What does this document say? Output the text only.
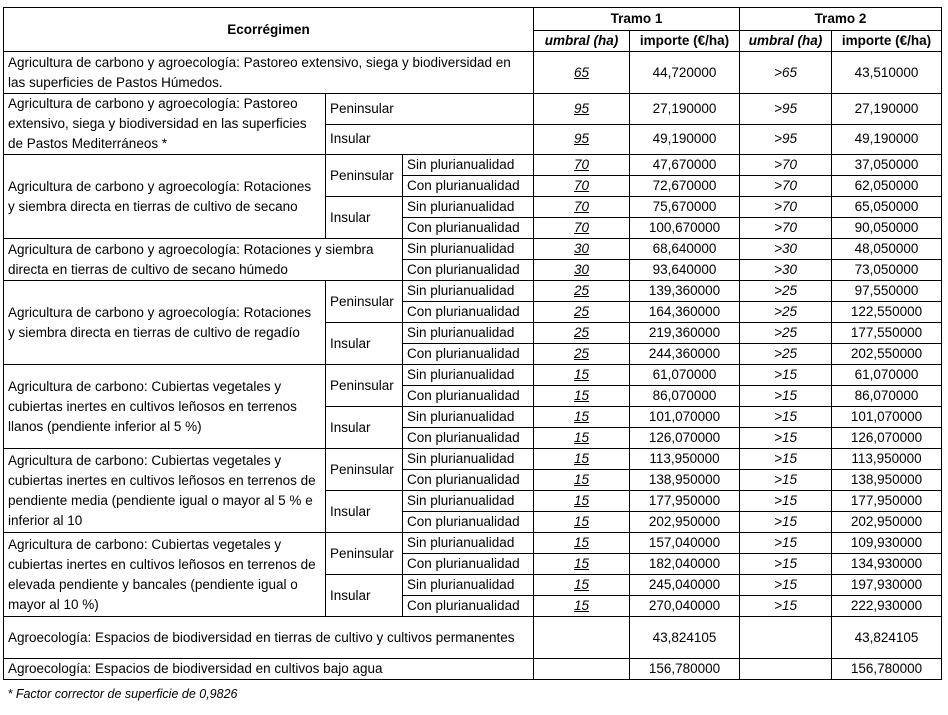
Ecorrégimen			Tramo 1		Tramo 2	
			umbral (ha)	importe (€/ha)	umbral (ha)	importe (€/ha)
Agricultura de carbono y agroecología: Pastoreo extensivo, siega y biodiversidad en las superficies de Pastos Húmedos.			65	44,720000	>65	43,510000
Agricultura de carbono y agroecología: Pastoreo extensivo, siega y biodiversidad en las superficies de Pastos Mediterráneos *	Peninsular		95	27,190000	>95	27,190000
	Insular		95	49,190000	>95	49,190000
Agricultura de carbono y agroecología: Rotaciones y siembra directa en tierras de cultivo de secano	Peninsular	Sin plurianualidad	70	47,670000	>70	37,050000
		Con plurianualidad	70	72,670000	>70	62,050000
	Insular	Sin plurianualidad	70	75,670000	>70	65,050000
		Con plurianualidad	70	100,670000	>70	90,050000
Agricultura de carbono y agroecología: Rotaciones y siembra directa en tierras de cultivo de secano húmedo		Sin plurianualidad	30	68,640000	>30	48,050000
		Con plurianualidad	30	93,640000	>30	73,050000
Agricultura de carbono y agroecología: Rotaciones y siembra directa en tierras de cultivo de regadío	Peninsular	Sin plurianualidad	25	139,360000	>25	97,550000
		Con plurianualidad	25	164,360000	>25	122,550000
	Insular	Sin plurianualidad	25	219,360000	>25	177,550000
		Con plurianualidad	25	244,360000	>25	202,550000
Agricultura de carbono: Cubiertas vegetales y cubiertas inertes en cultivos leñosos en terrenos llanos (pendiente inferior al 5 %)	Peninsular	Sin plurianualidad	15	61,070000	>15	61,070000
		Con plurianualidad	15	86,070000	>15	86,070000
	Insular	Sin plurianualidad	15	101,070000	>15	101,070000
		Con plurianualidad	15	126,070000	>15	126,070000
Agricultura de carbono: Cubiertas vegetales y cubiertas inertes en cultivos leñosos en terrenos de pendiente media (pendiente igual o mayor al 5 % e inferior al 10	Peninsular	Sin plurianualidad	15	113,950000	>15	113,950000
		Con plurianualidad	15	138,950000	>15	138,950000
	Insular	Sin plurianualidad	15	177,950000	>15	177,950000
		Con plurianualidad	15	202,950000	>15	202,950000
Agricultura de carbono: Cubiertas vegetales y cubiertas inertes en cultivos leñosos en terrenos de elevada pendiente y bancales (pendiente igual o mayor al 10 %)	Peninsular	Sin plurianualidad	15	157,040000	>15	109,930000
		Con plurianualidad	15	182,040000	>15	134,930000
	Insular	Sin plurianualidad	15	245,040000	>15	197,930000
		Con plurianualidad	15	270,040000	>15	222,930000
Agroecología: Espacios de biodiversidad en tierras de cultivo y cultivos permanentes				43,824105		43,824105
Agroecología: Espacios de biodiversidad en cultivos bajo agua				156,780000		156,780000
* Factor corrector de superficie de 0,9826						
